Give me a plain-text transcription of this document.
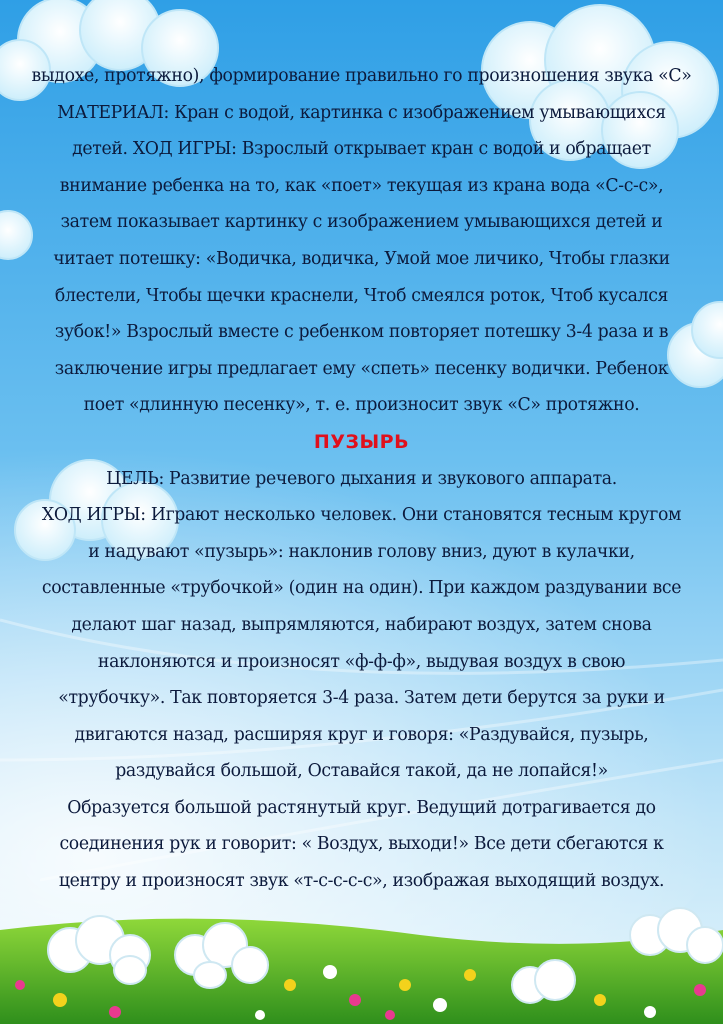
выдохе, протяжно), формирование правильно го произношения звука «С»
МАТЕРИАЛ: Кран с водой, картинка с изображением умывающихся
детей. ХОД ИГРЫ: Взрослый открывает кран с водой и обращает
внимание ребенка на то, как «поет» текущая из крана вода «С-с-с»,
затем показывает картинку с изображением умывающихся детей и
читает потешку: «Водичка, водичка, Умой мое личико, Чтобы глазки
блестели, Чтобы щечки краснели, Чтоб смеялся роток, Чтоб кусался
зубок!» Взрослый вместе с ребенком повторяет потешку 3-4 раза и в
заключение игры предлагает ему «спеть» песенку водички. Ребенок
поет «длинную песенку», т. е. произносит звук «С» протяжно.
ПУЗЫРЬ
ЦЕЛЬ: Развитие речевого дыхания и звукового аппарата.
ХОД ИГРЫ: Играют несколько человек. Они становятся тесным кругом
и надувают «пузырь»: наклонив голову вниз, дуют в кулачки,
составленные «трубочкой» (один на один). При каждом раздувании все
делают шаг назад, выпрямляются, набирают воздух, затем снова
наклоняются и произносят «ф-ф-ф», выдувая воздух в свою
«трубочку». Так повторяется 3-4 раза. Затем дети берутся за руки и
двигаются назад, расширяя круг и говоря: «Раздувайся, пузырь,
раздувайся большой, Оставайся такой, да не лопайся!»
Образуется большой растянутый круг. Ведущий дотрагивается до
соединения рук и говорит: « Воздух, выходи!» Все дети сбегаются к
центру и произносят звук «т-с-с-с-с», изображая выходящий воздух.
